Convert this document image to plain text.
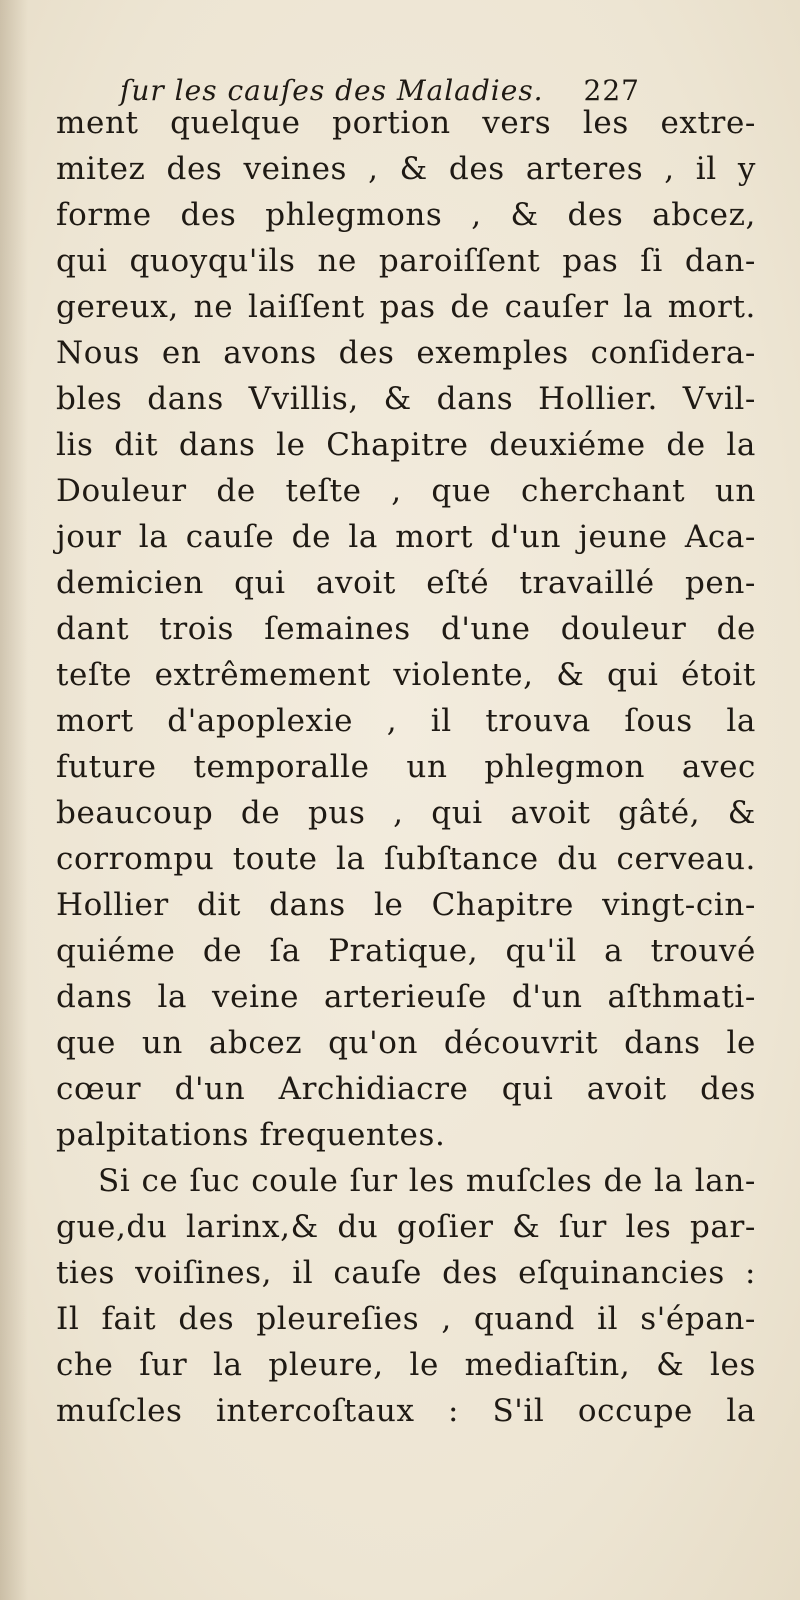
ſur les cauſes des Maladies. 227
ment quelque portion vers les extre-
mitez des veines , & des arteres , il y
forme des phlegmons , & des abcez,
qui quoyqu'ils ne paroiſſent pas ſi dan-
gereux, ne laiſſent pas de cauſer la mort.
Nous en avons des exemples conſidera-
bles dans Vvillis, & dans Hollier. Vvil-
lis dit dans le Chapitre deuxiéme de la
Douleur de teſte , que cherchant un
jour la cauſe de la mort d'un jeune Aca-
demicien qui avoit eſté travaillé pen-
dant trois ſemaines d'une douleur de
teſte extrêmement violente, & qui étoit
mort d'apoplexie , il trouva ſous la
future temporalle un phlegmon avec
beaucoup de pus , qui avoit gâté, &
corrompu toute la ſubſtance du cerveau.
Hollier dit dans le Chapitre vingt-cin-
quiéme de ſa Pratique, qu'il a trouvé
dans la veine arterieuſe d'un aſthmati-
que un abcez qu'on découvrit dans le
cœur d'un Archidiacre qui avoit des
palpitations frequentes.
Si ce ſuc coule ſur les muſcles de la lan-
gue,du larinx,& du goſier & ſur les par-
ties voiſines, il cauſe des eſquinancies :
Il fait des pleureſies , quand il s'épan-
che ſur la pleure, le mediaſtin, & les
muſcles intercoſtaux : S'il occupe la
